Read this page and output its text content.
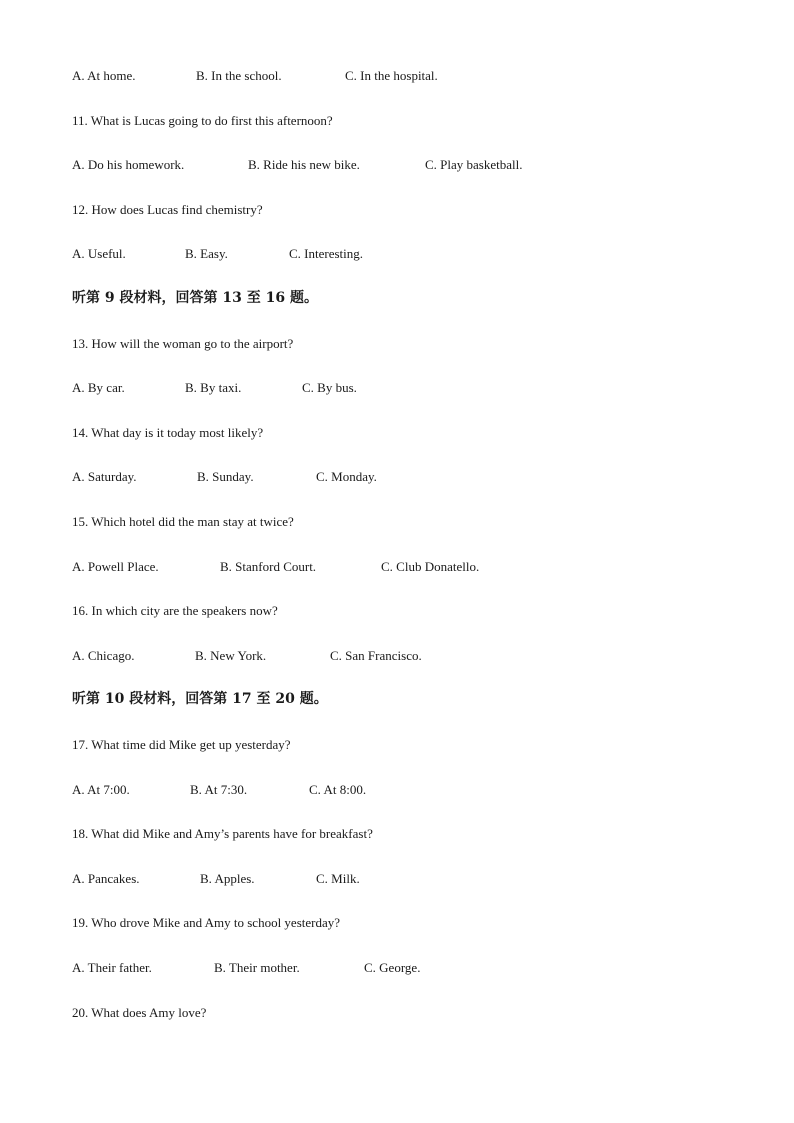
A. At home.	B. In the school.	C. In the hospital.
11. What is Lucas going to do first this afternoon?
A. Do his homework.	B. Ride his new bike.	C. Play basketball.
12. How does Lucas find chemistry?
A. Useful.	B. Easy.	C. Interesting.
听第 9 段材料，回答第 13 至 16 题。
13. How will the woman go to the airport?
A. By car.	B. By taxi.	C. By bus.
14. What day is it today most likely?
A. Saturday.	B. Sunday.	C. Monday.
15. Which hotel did the man stay at twice?
A. Powell Place.	B. Stanford Court.	C. Club Donatello.
16. In which city are the speakers now?
A. Chicago.	B. New York.	C. San Francisco.
听第 10 段材料，回答第 17 至 20 题。
17. What time did Mike get up yesterday?
A. At 7:00.	B. At 7:30.	C. At 8:00.
18. What did Mike and Amy’s parents have for breakfast?
A. Pancakes.	B. Apples.	C. Milk.
19. Who drove Mike and Amy to school yesterday?
A. Their father.	B. Their mother.	C. George.
20. What does Amy love?
